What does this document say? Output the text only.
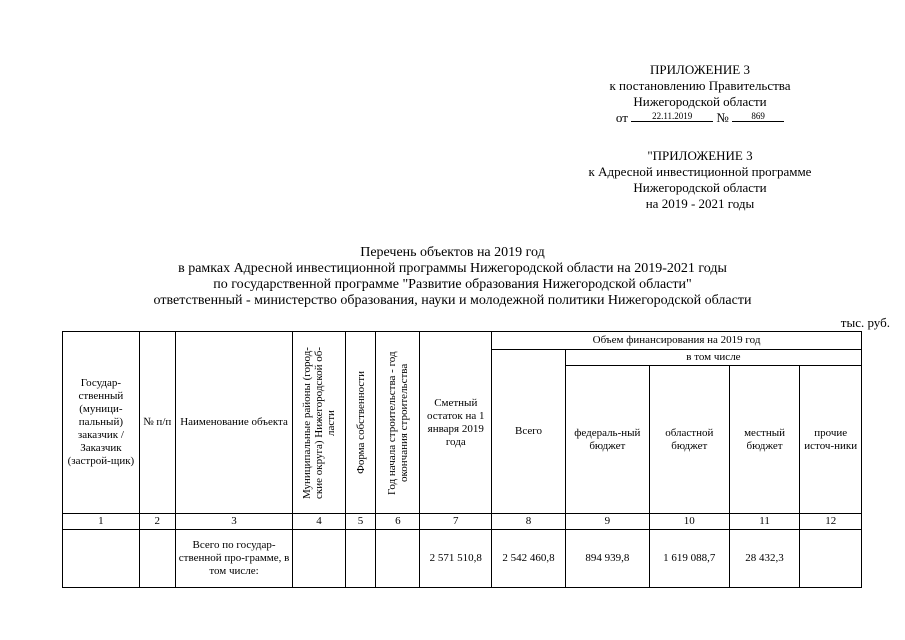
ПРИЛОЖЕНИЕ 3
к постановлению Правительства
Нижегородской области
от	22.11.2019 №	869
"ПРИЛОЖЕНИЕ 3
к Адресной инвестиционной программе
Нижегородской области
на 2019 - 2021 годы
Перечень объектов на 2019 год
в рамках Адресной инвестиционной программы Нижегородской области на 2019-2021 годы
по государственной программе "Развитие образования Нижегородской области"
ответственный - министерство образования, науки и молодежной политики Нижегородской области
тыс. руб.
Государ-ственный (муници-пальный) заказчик / Заказчик (застрой-щик)	№ п/п	Наименование объекта	Муниципальные районы (город-ские округа) Нижегородской об-ласти	Форма собственности	Год начала строительства - год окончания строительства	Сметный остаток на 1 января 2019 года	Объем финансирования на 2019 год				
							Всего	в том числе			
								федераль-ный бюджет	областной бюджет	местный бюджет	прочие источ-ники
1	2	3	4	5	6	7	8	9	10	11	12
		Всего по государ-ственной про-грамме, в том числе:				2 571 510,8	2 542 460,8	894 939,8	1 619 088,7	28 432,3	
